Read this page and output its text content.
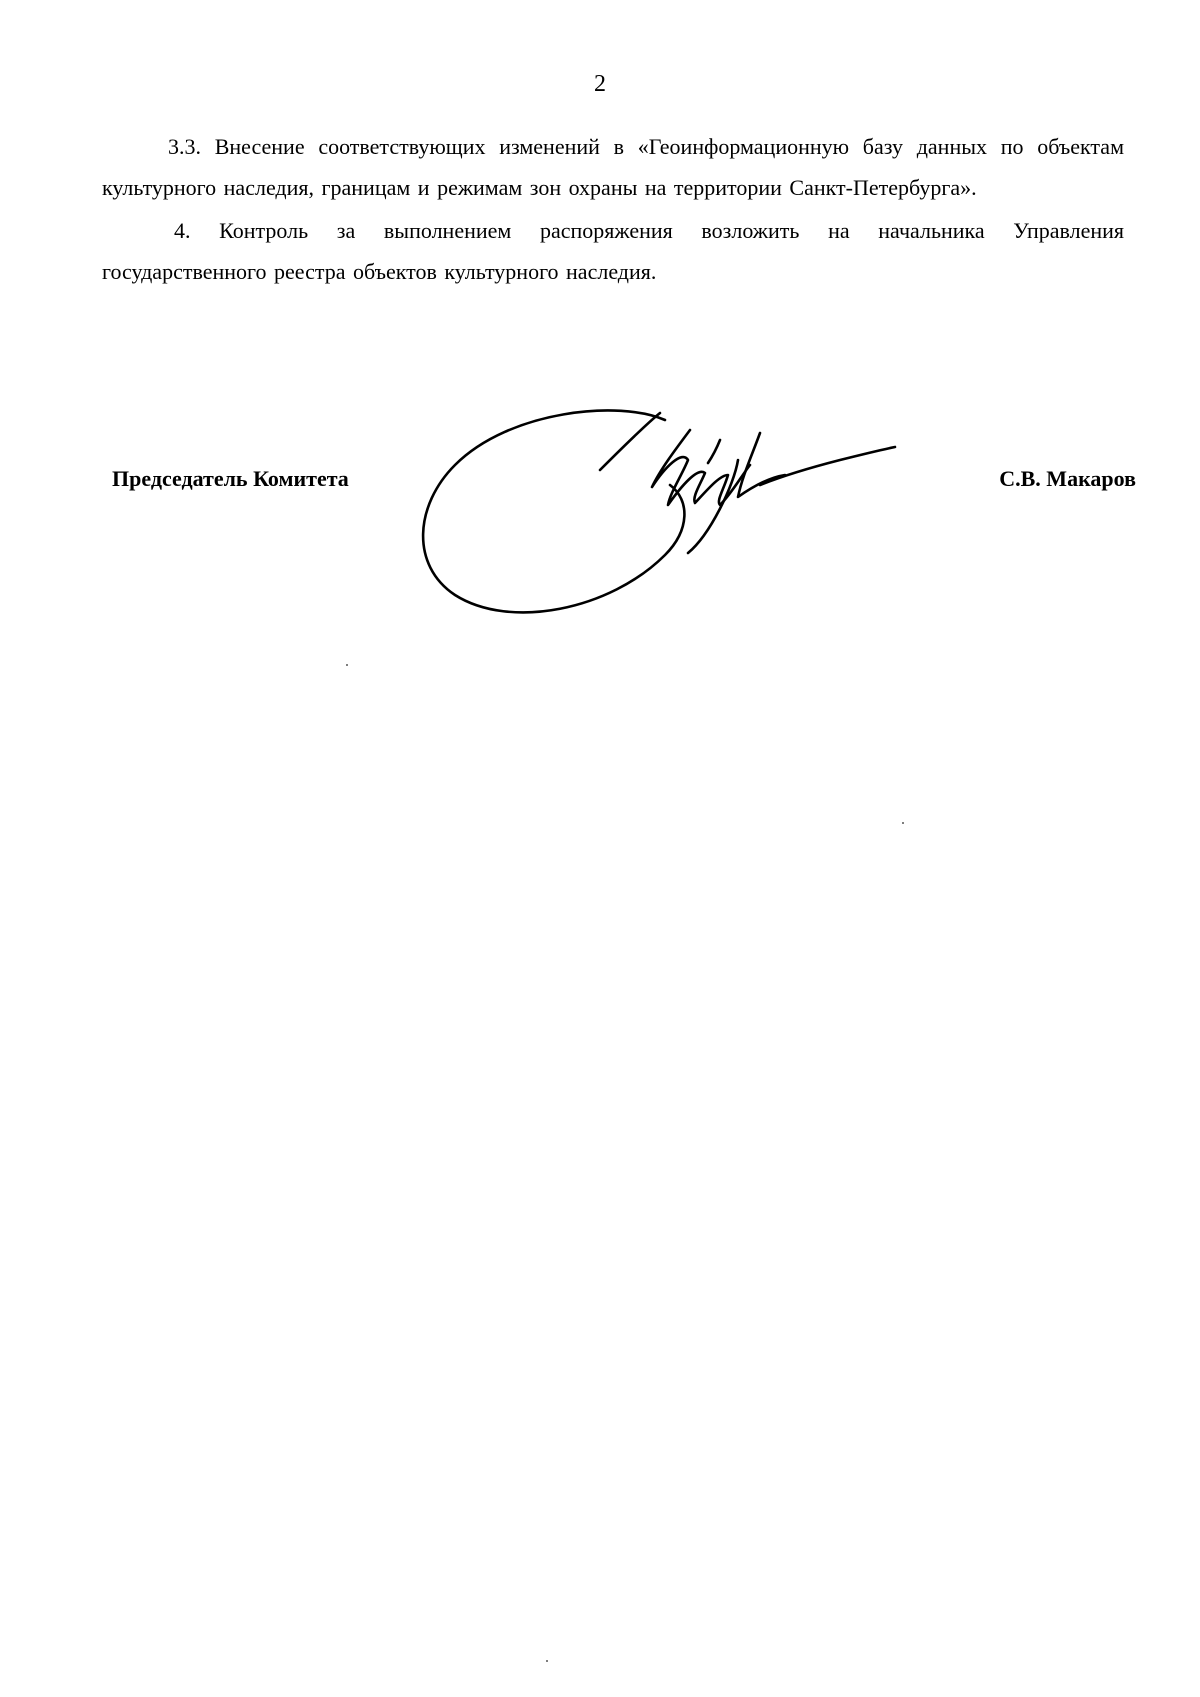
2

3.3. Внесение соответствующих изменений в «Геоинформационную базу данных по объектам культурного наследия, границам и режимам зон охраны на территории Санкт-Петербурга».

4. Контроль за выполнением распоряжения возложить на начальника Управления государственного реестра объектов культурного наследия.

Председатель Комитета	С.В. Макаров
